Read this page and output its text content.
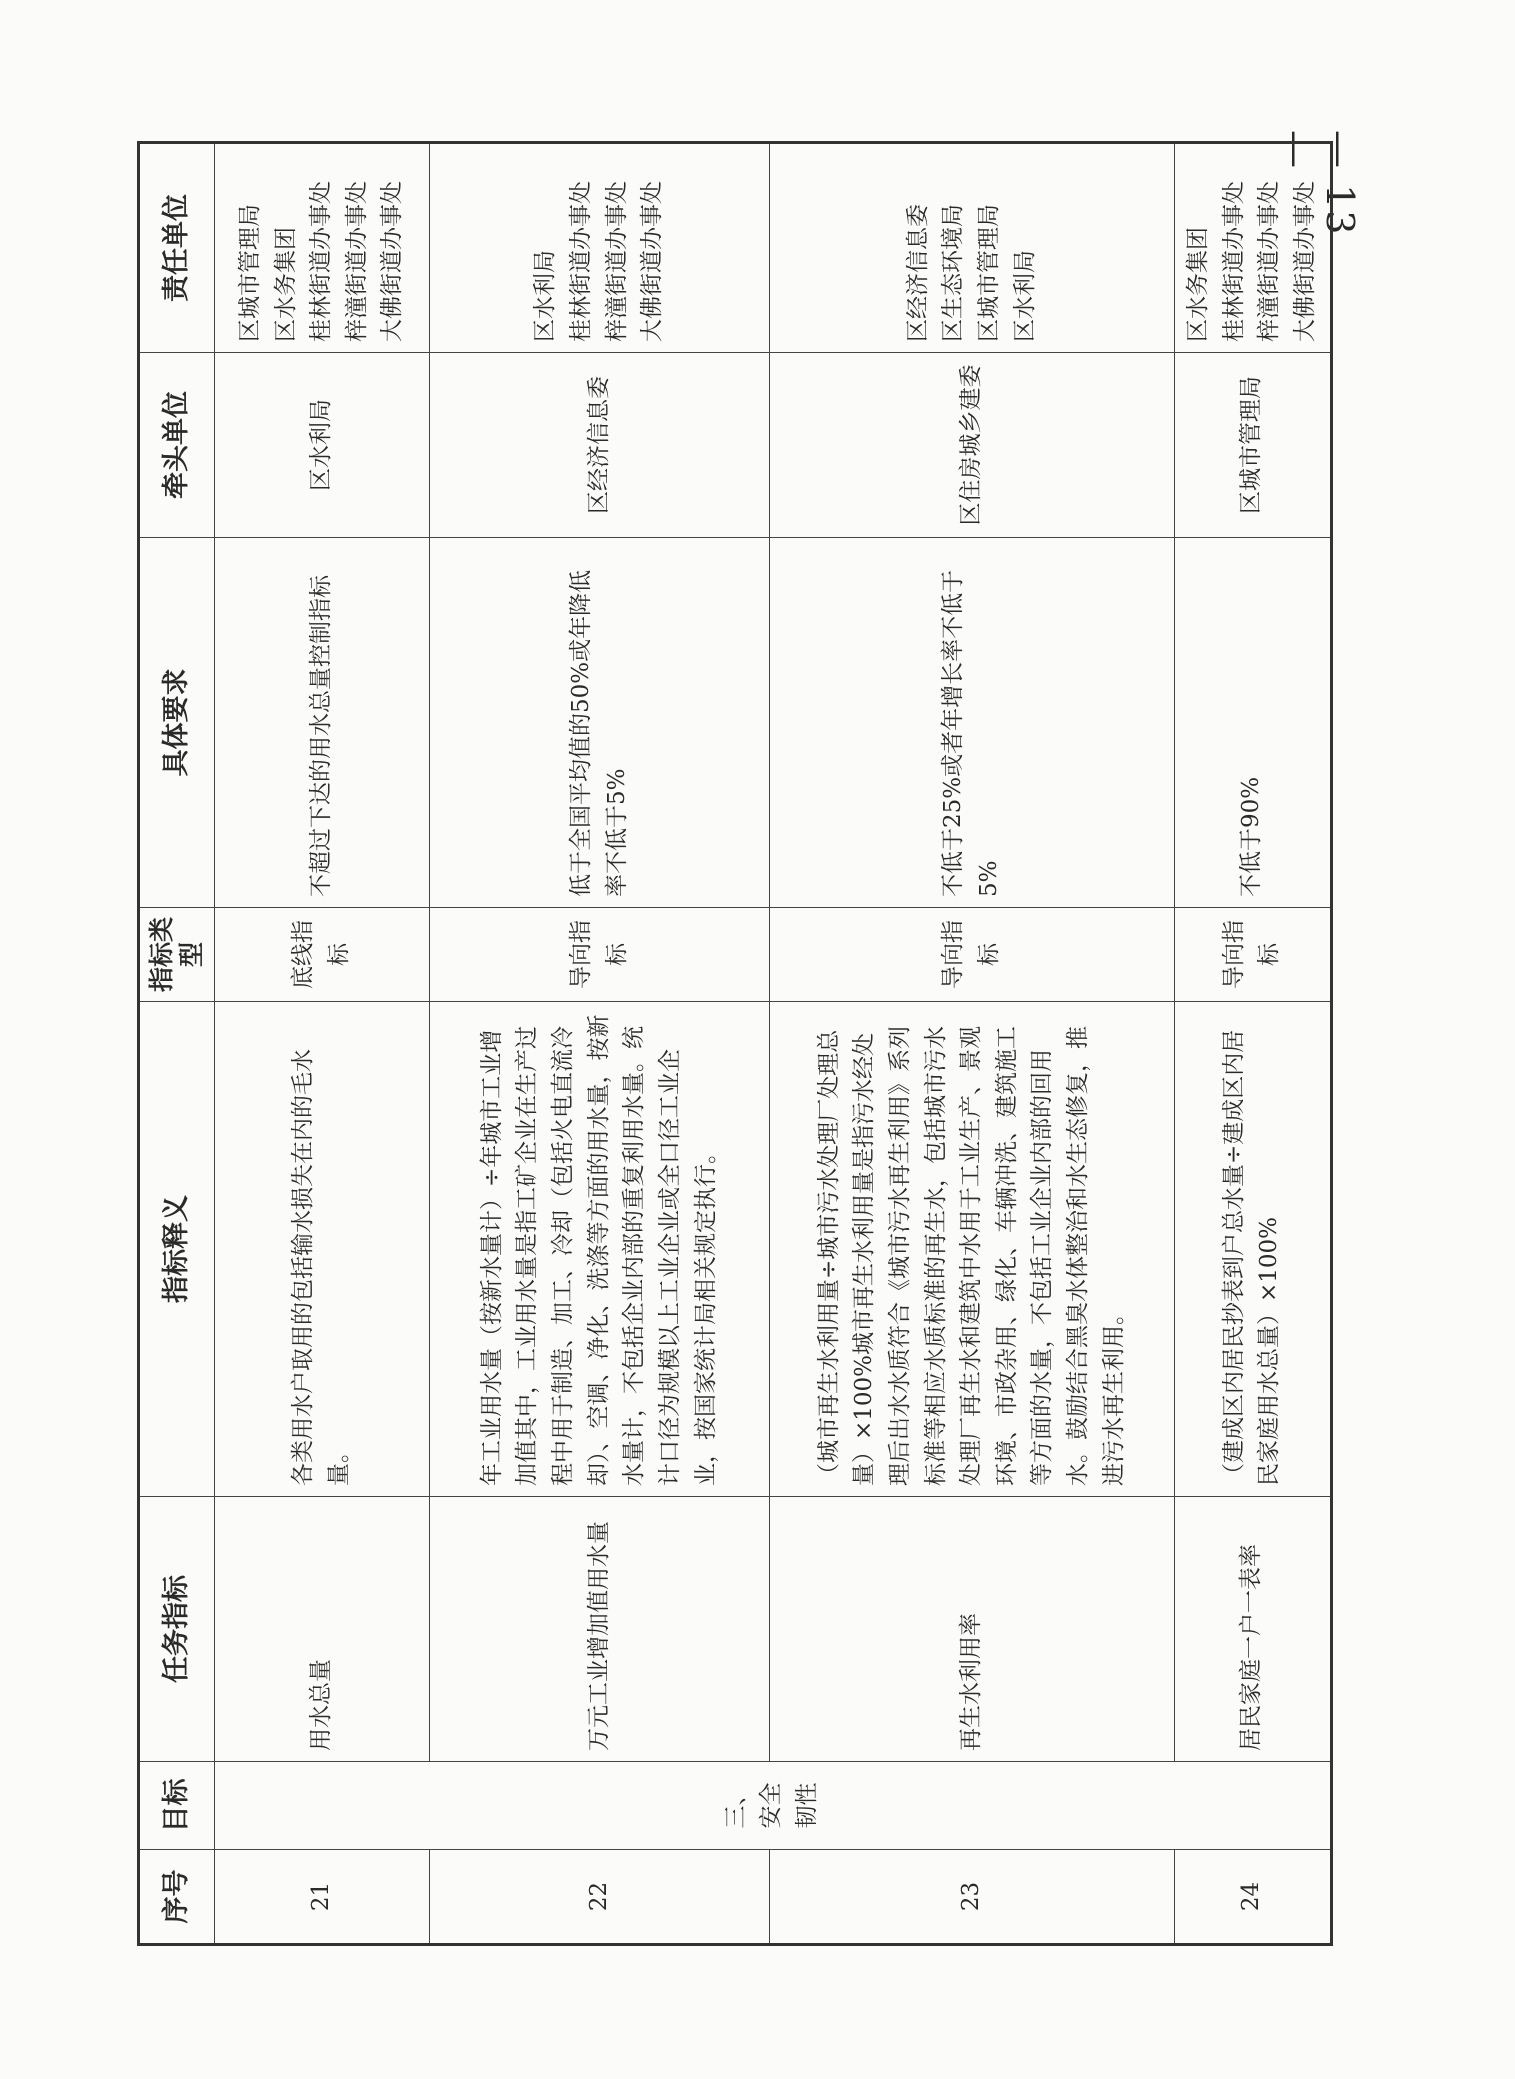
— 13 —
序号	目标	任务指标	指标释义	指标类型	具体要求	牵头单位	责任单位
21	三、安全韧性	用水总量	各类用水户取用的包括输水损失在内的毛水量。	底线指标	不超过下达的用水总量控制指标	区水利局	区城市管理局 区水务集团 桂林街道办事处 梓潼街道办事处 大佛街道办事处

22		万元工业增加值用水量	年工业用水量（按新水量计）÷年城市工业增加值其中，工业用水量是指工矿企业在生产过程中用于制造、加工、冷却（包括火电直流冷却）、空调、净化、洗涤等方面的用水量，按新水量计，不包括企业内部的重复利用水量。统计口径为规模以上工业企业或全口径工业企业，按国家统计局相关规定执行。	导向指标	低于全国平均值的50%或年降低率不低于5%	区经济信息委	区水利局 桂林街道办事处 梓潼街道办事处 大佛街道办事处

23		再生水利用率	（城市再生水利用量÷城市污水处理厂处理总量）×100%城市再生水利用量是指污水经处理后出水水质符合《城市污水再生利用》系列标准等相应水质标准的再生水，包括城市污水处理厂再生水和建筑中水用于工业生产、景观环境、市政杂用、绿化、车辆冲洗、建筑施工等方面的水量，不包括工业企业内部的回用水。鼓励结合黑臭水体整治和水生态修复，推进污水再生利用。	导向指标	不低于25%或者年增长率不低于5%	区住房城乡建委	区经济信息委 区生态环境局 区城市管理局 区水利局

24		居民家庭一户一表率	（建成区内居民抄表到户总水量÷建成区内居民家庭用水总量）×100%	导向指标	不低于90%	区城市管理局	区水务集团 桂林街道办事处 梓潼街道办事处 大佛街道办事处
